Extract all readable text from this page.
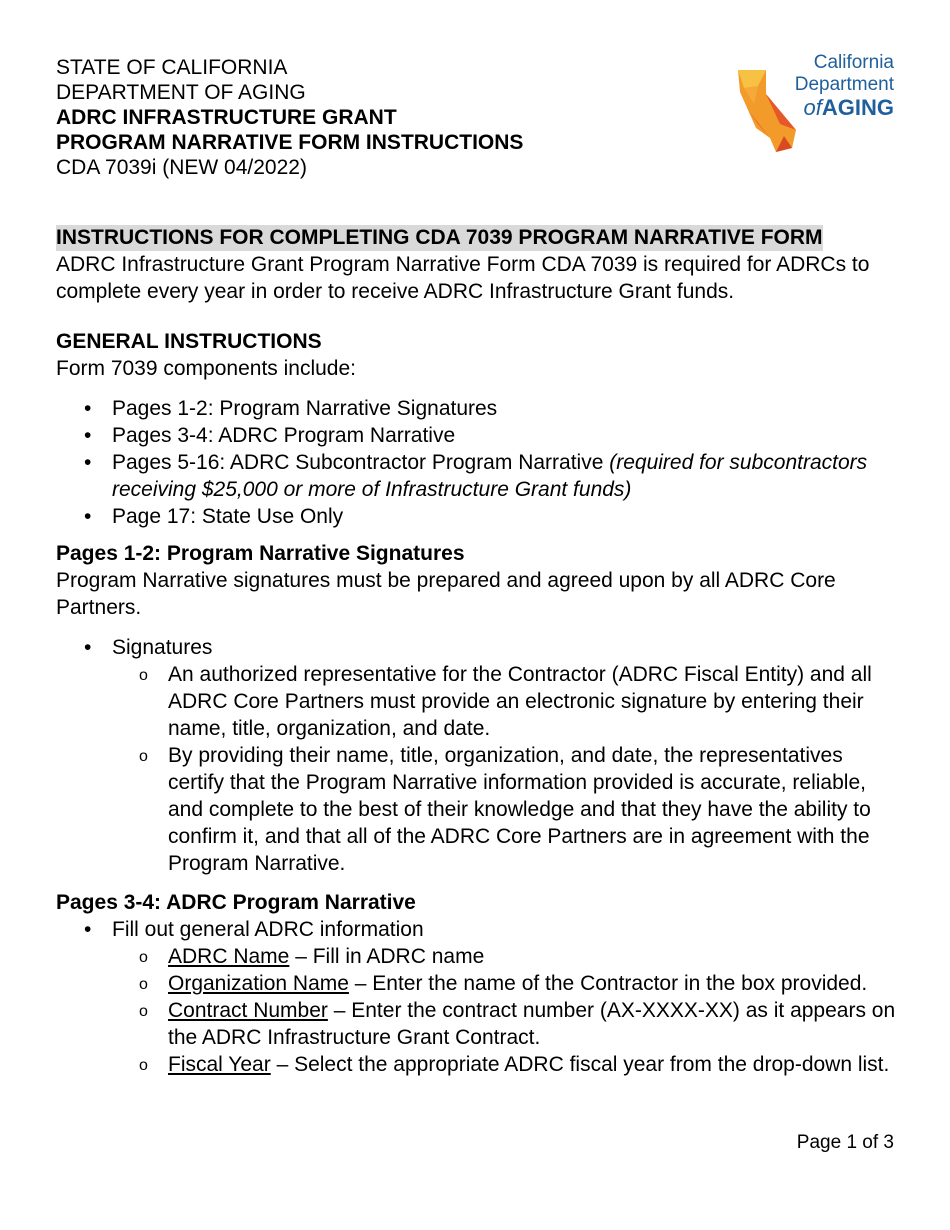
STATE OF CALIFORNIA
DEPARTMENT OF AGING
ADRC INFRASTRUCTURE GRANT
PROGRAM NARRATIVE FORM INSTRUCTIONS
CDA 7039i (NEW 04/2022)
INSTRUCTIONS FOR COMPLETING CDA 7039 PROGRAM NARRATIVE FORM

ADRC Infrastructure Grant Program Narrative Form CDA 7039 is required for ADRCs to complete every year in order to receive ADRC Infrastructure Grant funds.

GENERAL INSTRUCTIONS

Form 7039 components include:

• Pages 1-2: Program Narrative Signatures
• Pages 3-4: ADRC Program Narrative
• Pages 5-16: ADRC Subcontractor Program Narrative (required for subcontractors receiving $25,000 or more of Infrastructure Grant funds)
• Page 17: State Use Only
Pages 1-2: Program Narrative Signatures

Program Narrative signatures must be prepared and agreed upon by all ADRC Core Partners.

• Signatures
o An authorized representative for the Contractor (ADRC Fiscal Entity) and all ADRC Core Partners must provide an electronic signature by entering their name, title, organization, and date.
o By providing their name, title, organization, and date, the representatives certify that the Program Narrative information provided is accurate, reliable, and complete to the best of their knowledge and that they have the ability to confirm it, and that all of the ADRC Core Partners are in agreement with the Program Narrative.
Pages 3-4: ADRC Program Narrative
• Fill out general ADRC information
o ADRC Name – Fill in ADRC name
o Organization Name – Enter the name of the Contractor in the box provided.
o Contract Number – Enter the contract number (AX-XXXX-XX) as it appears on the ADRC Infrastructure Grant Contract.
o Fiscal Year – Select the appropriate ADRC fiscal year from the drop-down list.
California
Department
ofAGING
Page 1 of 3
